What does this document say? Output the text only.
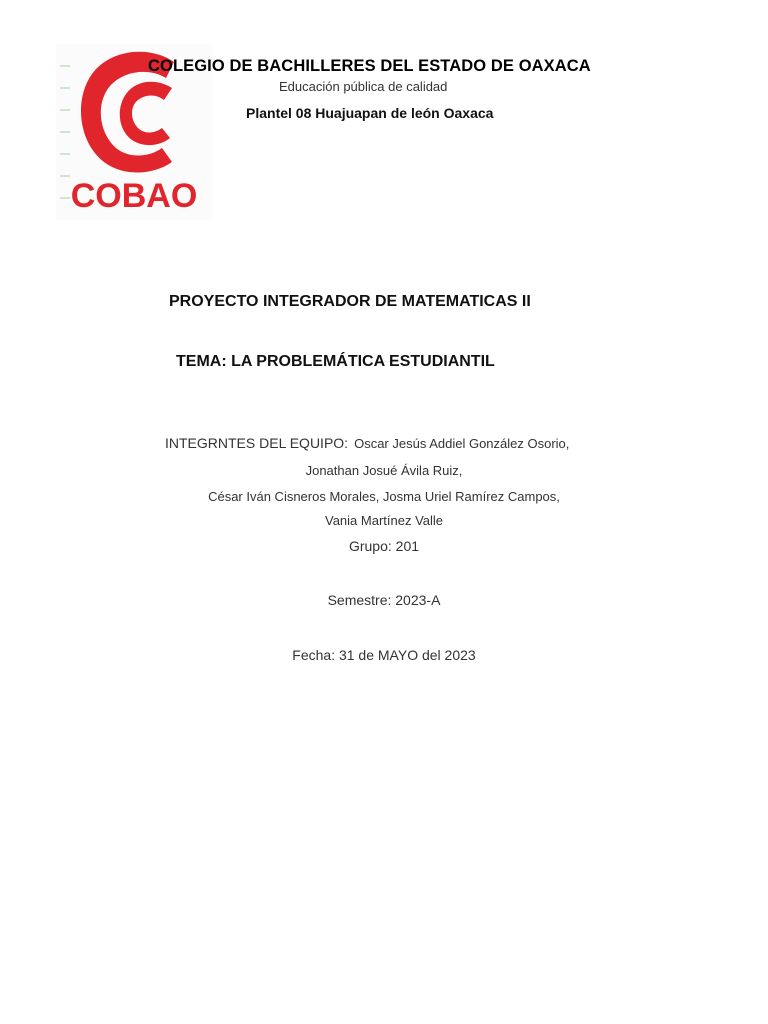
COBAO
COLEGIO DE BACHILLERES DEL ESTADO DE OAXACA
Educación pública de calidad
Plantel 08 Huajuapan de león Oaxaca
PROYECTO INTEGRADOR DE MATEMATICAS II
TEMA: LA PROBLEMÁTICA ESTUDIANTIL
INTEGRNTES DEL EQUIPO: Oscar Jesús Addiel González Osorio,
Jonathan Josué Ávila Ruiz,
César Iván Cisneros Morales, Josma Uriel Ramírez Campos,
Vania Martínez Valle
Grupo: 201
Semestre: 2023-A
Fecha: 31 de MAYO del 2023
